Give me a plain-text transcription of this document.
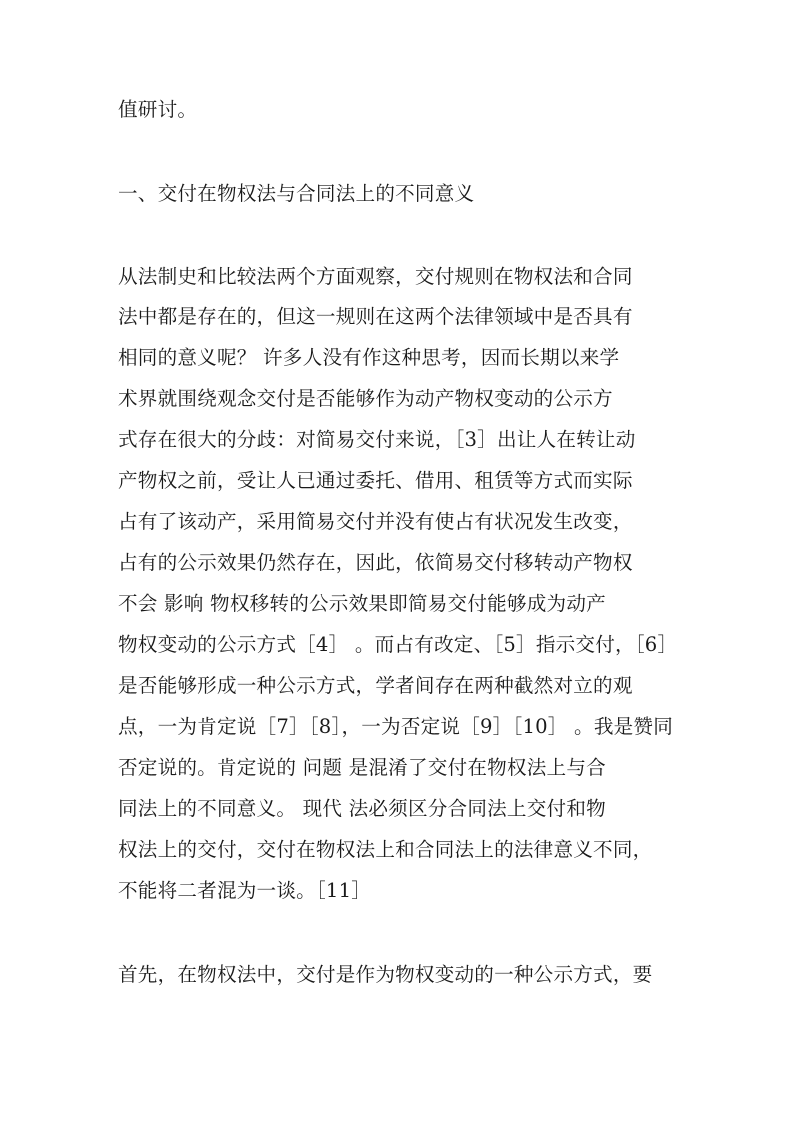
值研讨。
一、交付在物权法与合同法上的不同意义
从法制史和比较法两个方面观察，交付规则在物权法和合同
法中都是存在的，但这一规则在这两个法律领域中是否具有
相同的意义呢？ 许多人没有作这种思考，因而长期以来学
术界就围绕观念交付是否能够作为动产物权变动的公示方
式存在很大的分歧：对简易交付来说，［3］出让人在转让动
产物权之前，受让人已通过委托、借用、租赁等方式而实际
占有了该动产，采用简易交付并没有使占有状况发生改变，
占有的公示效果仍然存在，因此，依简易交付移转动产物权
不会 影响 物权移转的公示效果即简易交付能够成为动产
物权变动的公示方式［4］ 。而占有改定、［5］指示交付，［6］
是否能够形成一种公示方式，学者间存在两种截然对立的观
点，一为肯定说［7］［8］，一为否定说［9］［10］ 。我是赞同
否定说的。肯定说的 问题 是混淆了交付在物权法上与合
同法上的不同意义。 现代 法必须区分合同法上交付和物
权法上的交付，交付在物权法上和合同法上的法律意义不同，
不能将二者混为一谈。［11］
首先，在物权法中，交付是作为物权变动的一种公示方式，要
